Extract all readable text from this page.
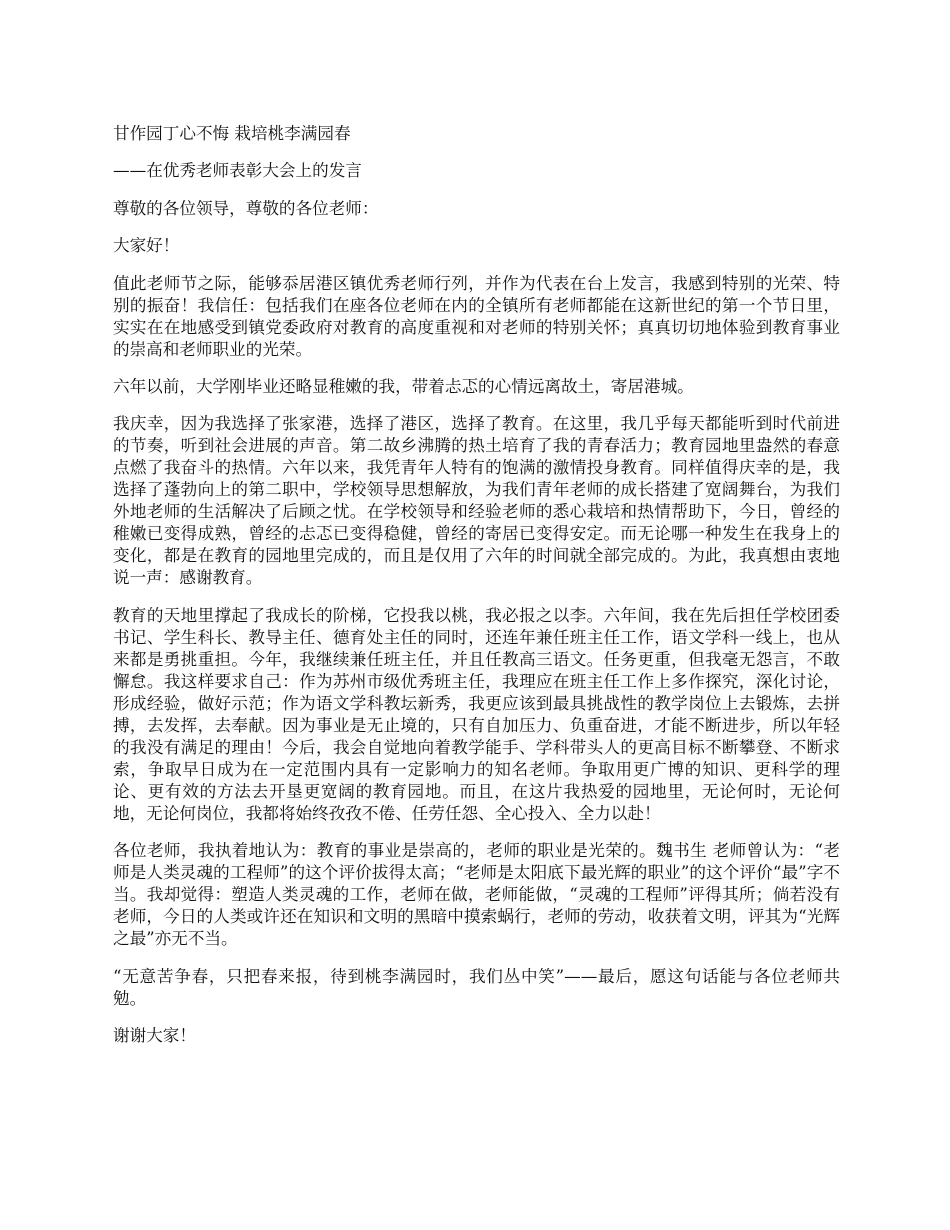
甘作园丁心不悔 栽培桃李满园春

——在优秀老师表彰大会上的发言

尊敬的各位领导，尊敬的各位老师：

大家好！

值此老师节之际，能够忝居港区镇优秀老师行列，并作为代表在台上发言，我感到特别的光荣、特别的振奋！我信任：包括我们在座各位老师在内的全镇所有老师都能在这新世纪的第一个节日里，实实在在地感受到镇党委政府对教育的高度重视和对老师的特别关怀；真真切切地体验到教育事业的崇高和老师职业的光荣。

六年以前，大学刚毕业还略显稚嫩的我，带着忐忑的心情远离故土，寄居港城。

我庆幸，因为我选择了张家港，选择了港区，选择了教育。在这里，我几乎每天都能听到时代前进的节奏，听到社会进展的声音。第二故乡沸腾的热土培育了我的青春活力；教育园地里盎然的春意点燃了我奋斗的热情。六年以来，我凭青年人特有的饱满的激情投身教育。同样值得庆幸的是，我选择了蓬勃向上的第二职中，学校领导思想解放，为我们青年老师的成长搭建了宽阔舞台，为我们外地老师的生活解决了后顾之忧。在学校领导和经验老师的悉心栽培和热情帮助下，今日，曾经的稚嫩已变得成熟，曾经的忐忑已变得稳健，曾经的寄居已变得安定。而无论哪一种发生在我身上的变化，都是在教育的园地里完成的，而且是仅用了六年的时间就全部完成的。为此，我真想由衷地说一声：感谢教育。

教育的天地里撑起了我成长的阶梯，它投我以桃，我必报之以李。六年间，我在先后担任学校团委书记、学生科长、教导主任、德育处主任的同时，还连年兼任班主任工作，语文学科一线上，也从来都是勇挑重担。今年，我继续兼任班主任，并且任教高三语文。任务更重，但我毫无怨言，不敢懈怠。我这样要求自己：作为苏州市级优秀班主任，我理应在班主任工作上多作探究，深化讨论，形成经验，做好示范；作为语文学科教坛新秀，我更应该到最具挑战性的教学岗位上去锻炼，去拼搏，去发挥，去奉献。因为事业是无止境的，只有自加压力、负重奋进，才能不断进步，所以年轻的我没有满足的理由！今后，我会自觉地向着教学能手、学科带头人的更高目标不断攀登、不断求索，争取早日成为在一定范围内具有一定影响力的知名老师。争取用更广博的知识、更科学的理论、更有效的方法去开垦更宽阔的教育园地。而且，在这片我热爱的园地里，无论何时，无论何地，无论何岗位，我都将始终孜孜不倦、任劳任怨、全心投入、全力以赴！

各位老师，我执着地认为：教育的事业是崇高的，老师的职业是光荣的。魏书生 老师曾认为：“老师是人类灵魂的工程师”的这个评价拔得太高；“老师是太阳底下最光辉的职业”的这个评价“最”字不当。我却觉得：塑造人类灵魂的工作，老师在做，老师能做，“灵魂的工程师”评得其所；倘若没有老师，今日的人类或许还在知识和文明的黑暗中摸索蜗行，老师的劳动，收获着文明，评其为“光辉之最”亦无不当。

“无意苦争春，只把春来报，待到桃李满园时，我们丛中笑”——最后，愿这句话能与各位老师共勉。

谢谢大家！
